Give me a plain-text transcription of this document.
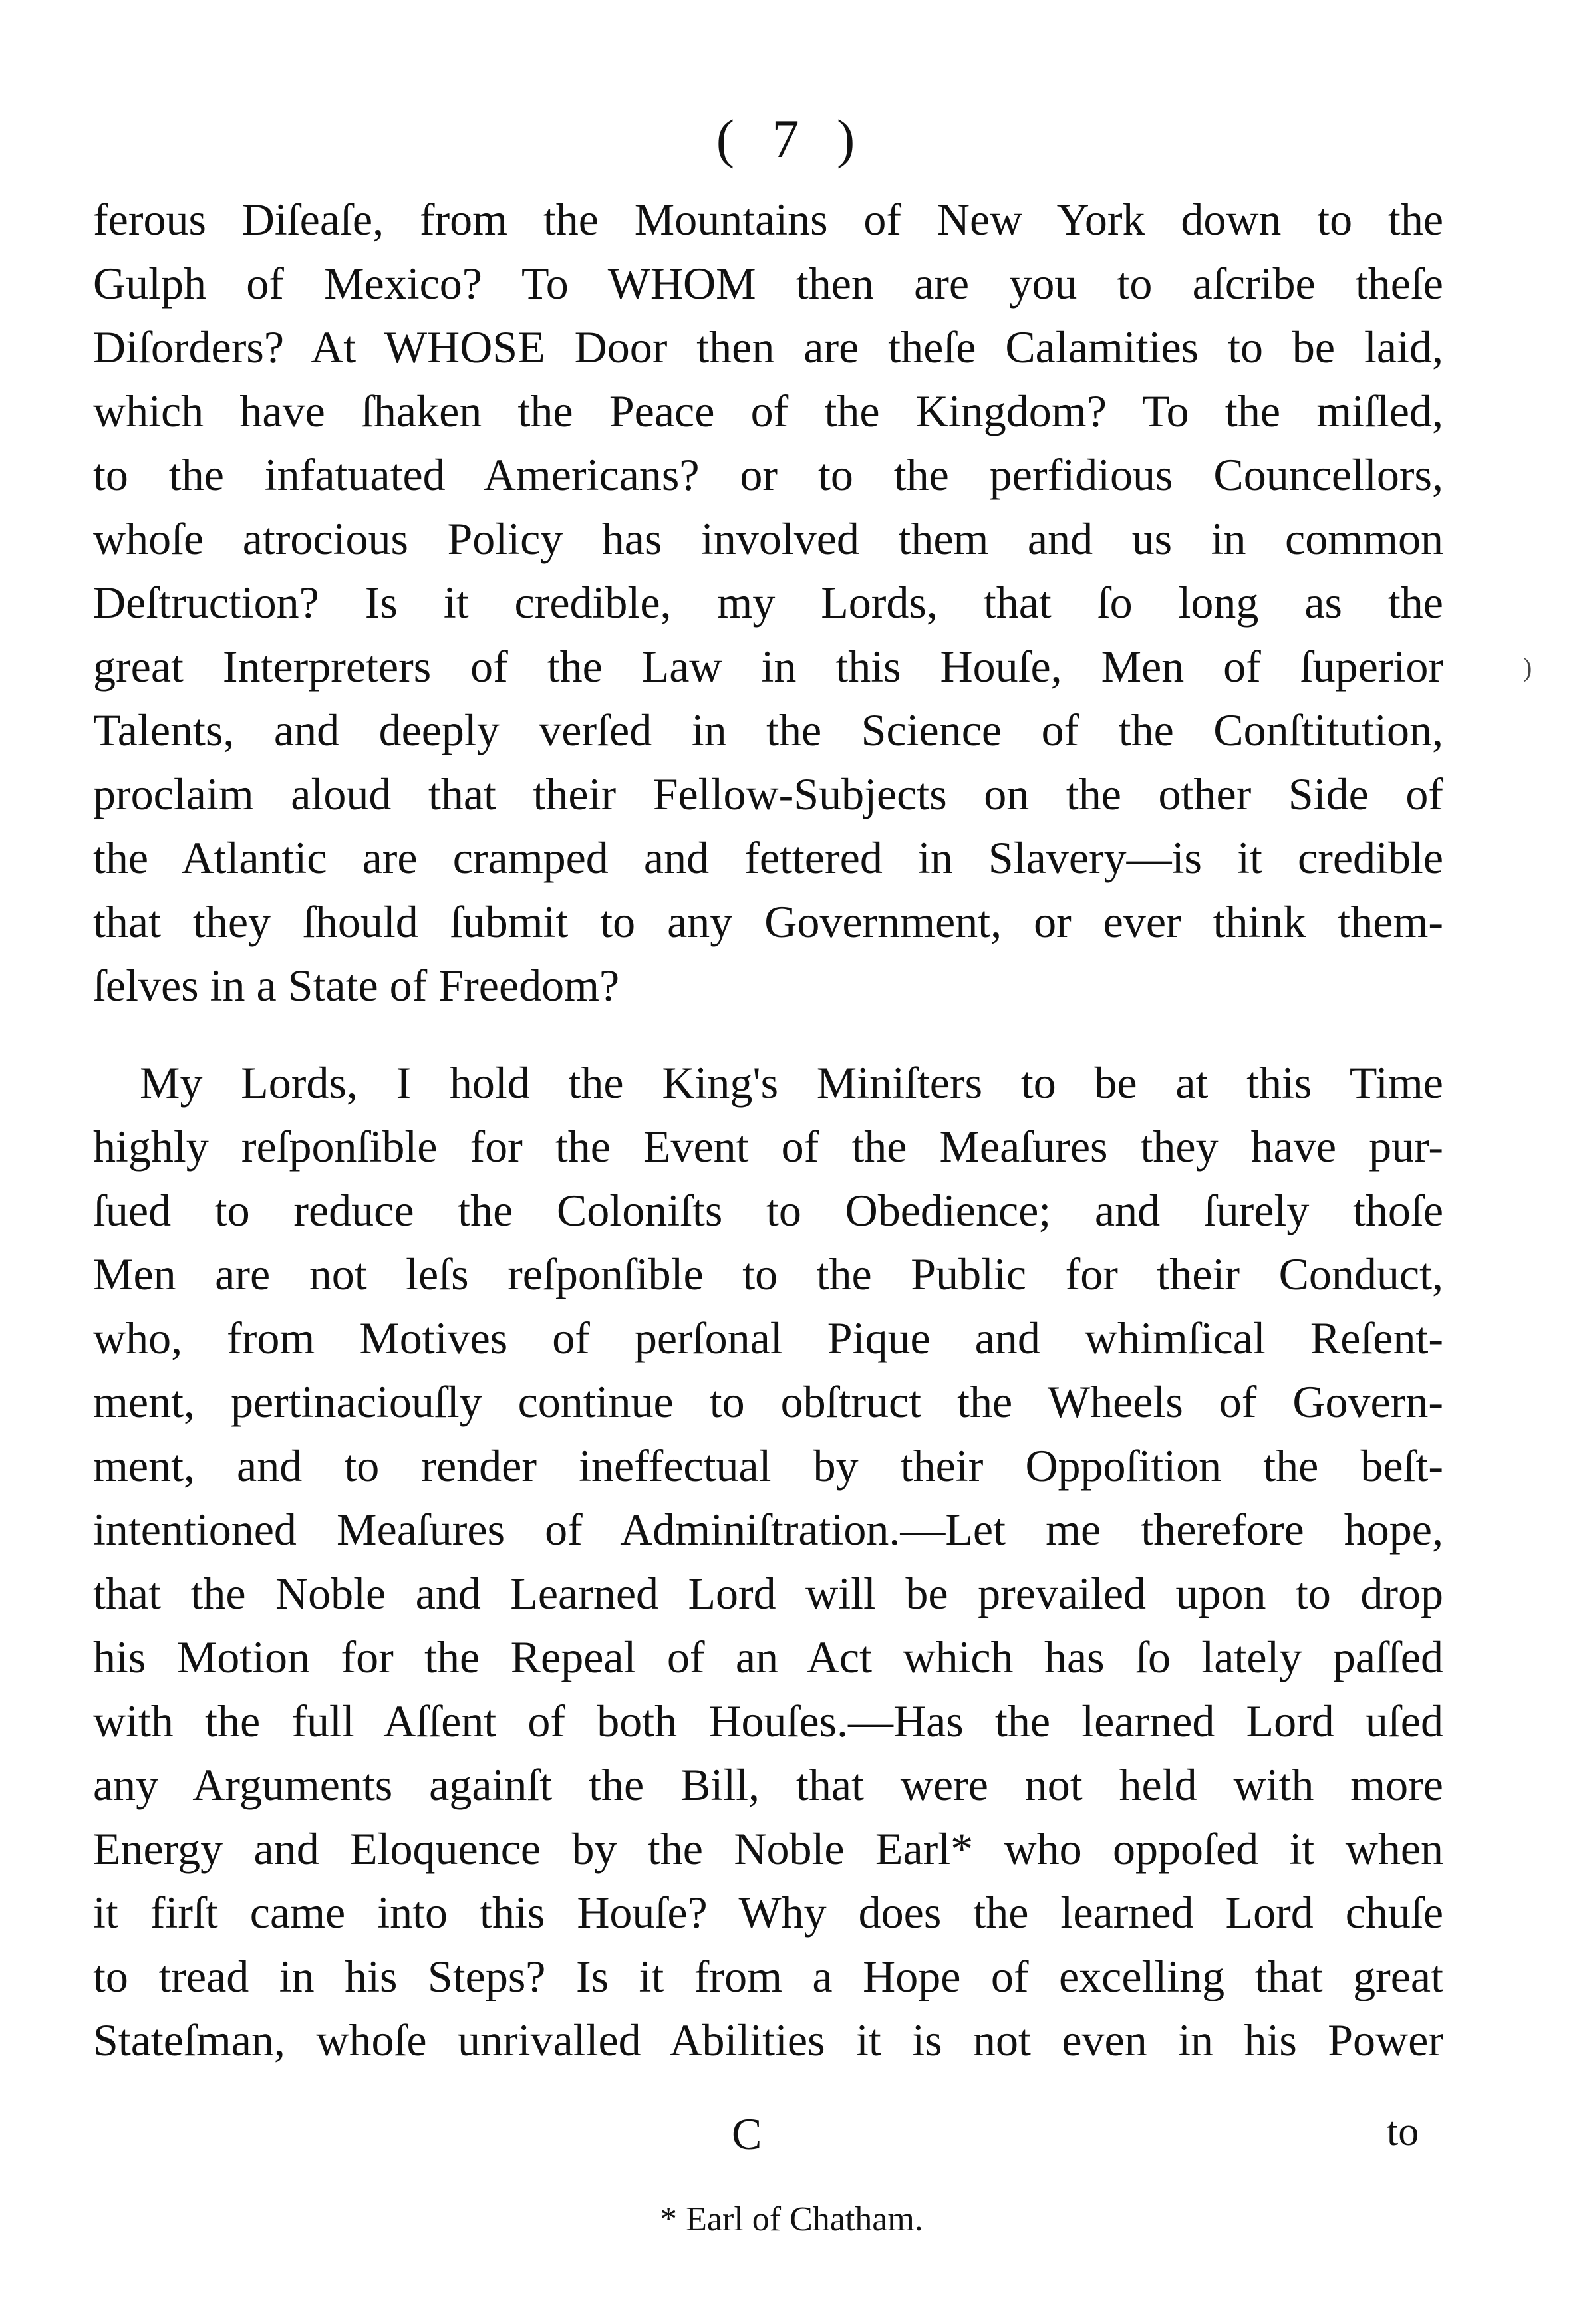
( 7 )
)
ferous Diſeaſe, from the Mountains of New York down to the
Gulph of Mexico? To WHOM then are you to aſcribe theſe
Diſorders? At WHOSE Door then are theſe Calamities to be laid,
which have ſhaken the Peace of the Kingdom? To the miſled,
to the infatuated Americans? or to the perfidious Councellors,
whoſe atrocious Policy has involved them and us in common
Deſtruction? Is it credible, my Lords, that ſo long as the
great Interpreters of the Law in this Houſe, Men of ſuperior
Talents, and deeply verſed in the Science of the Conſtitution,
proclaim aloud that their Fellow-Subjects on the other Side of
the Atlantic are cramped and fettered in Slavery—is it credible
that they ſhould ſubmit to any Government, or ever think them-
ſelves in a State of Freedom?
My Lords, I hold the King's Miniſters to be at this Time
highly reſponſible for the Event of the Meaſures they have pur-
ſued to reduce the Coloniſts to Obedience; and ſurely thoſe
Men are not leſs reſponſible to the Public for their Conduct,
who, from Motives of perſonal Pique and whimſical Reſent-
ment, pertinaciouſly continue to obſtruct the Wheels of Govern-
ment, and to render ineffectual by their Oppoſition the beſt-
intentioned Meaſures of Adminiſtration.—Let me therefore hope,
that the Noble and Learned Lord will be prevailed upon to drop
his Motion for the Repeal of an Act which has ſo lately paſſed
with the full Aſſent of both Houſes.—Has the learned Lord uſed
any Arguments againſt the Bill, that were not held with more
Energy and Eloquence by the Noble Earl* who oppoſed it when
it firſt came into this Houſe? Why does the learned Lord chuſe
to tread in his Steps? Is it from a Hope of excelling that great
Stateſman, whoſe unrivalled Abilities it is not even in his Power
C	to
* Earl of Chatham.
